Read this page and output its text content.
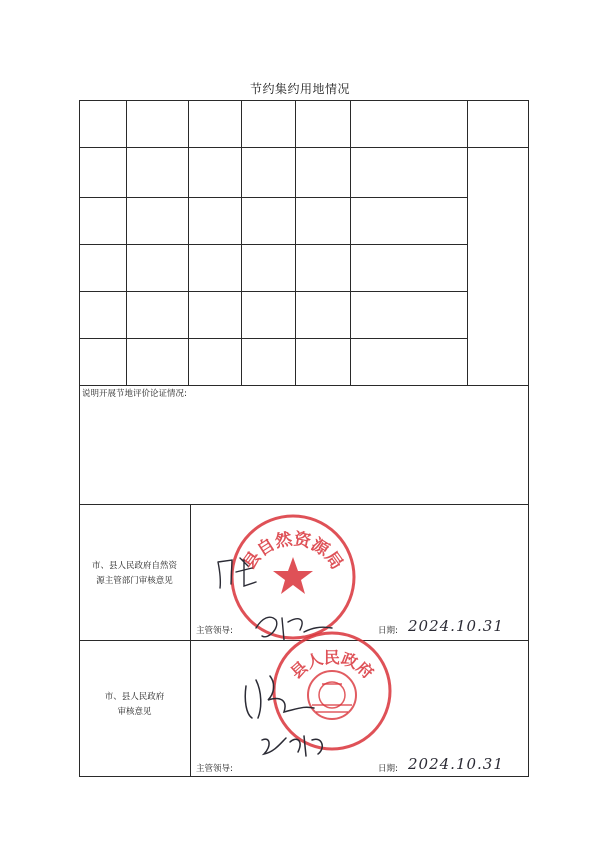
节约集约用地情况
说明开展节地评价论证情况:
市、县人民政府自然资
源主管部门审核意见
主管领导:	日期: 2024.10.31
市、县人民政府
审核意见
主管领导:	日期: 2024.10.31
县自然资源局
县人民政府
